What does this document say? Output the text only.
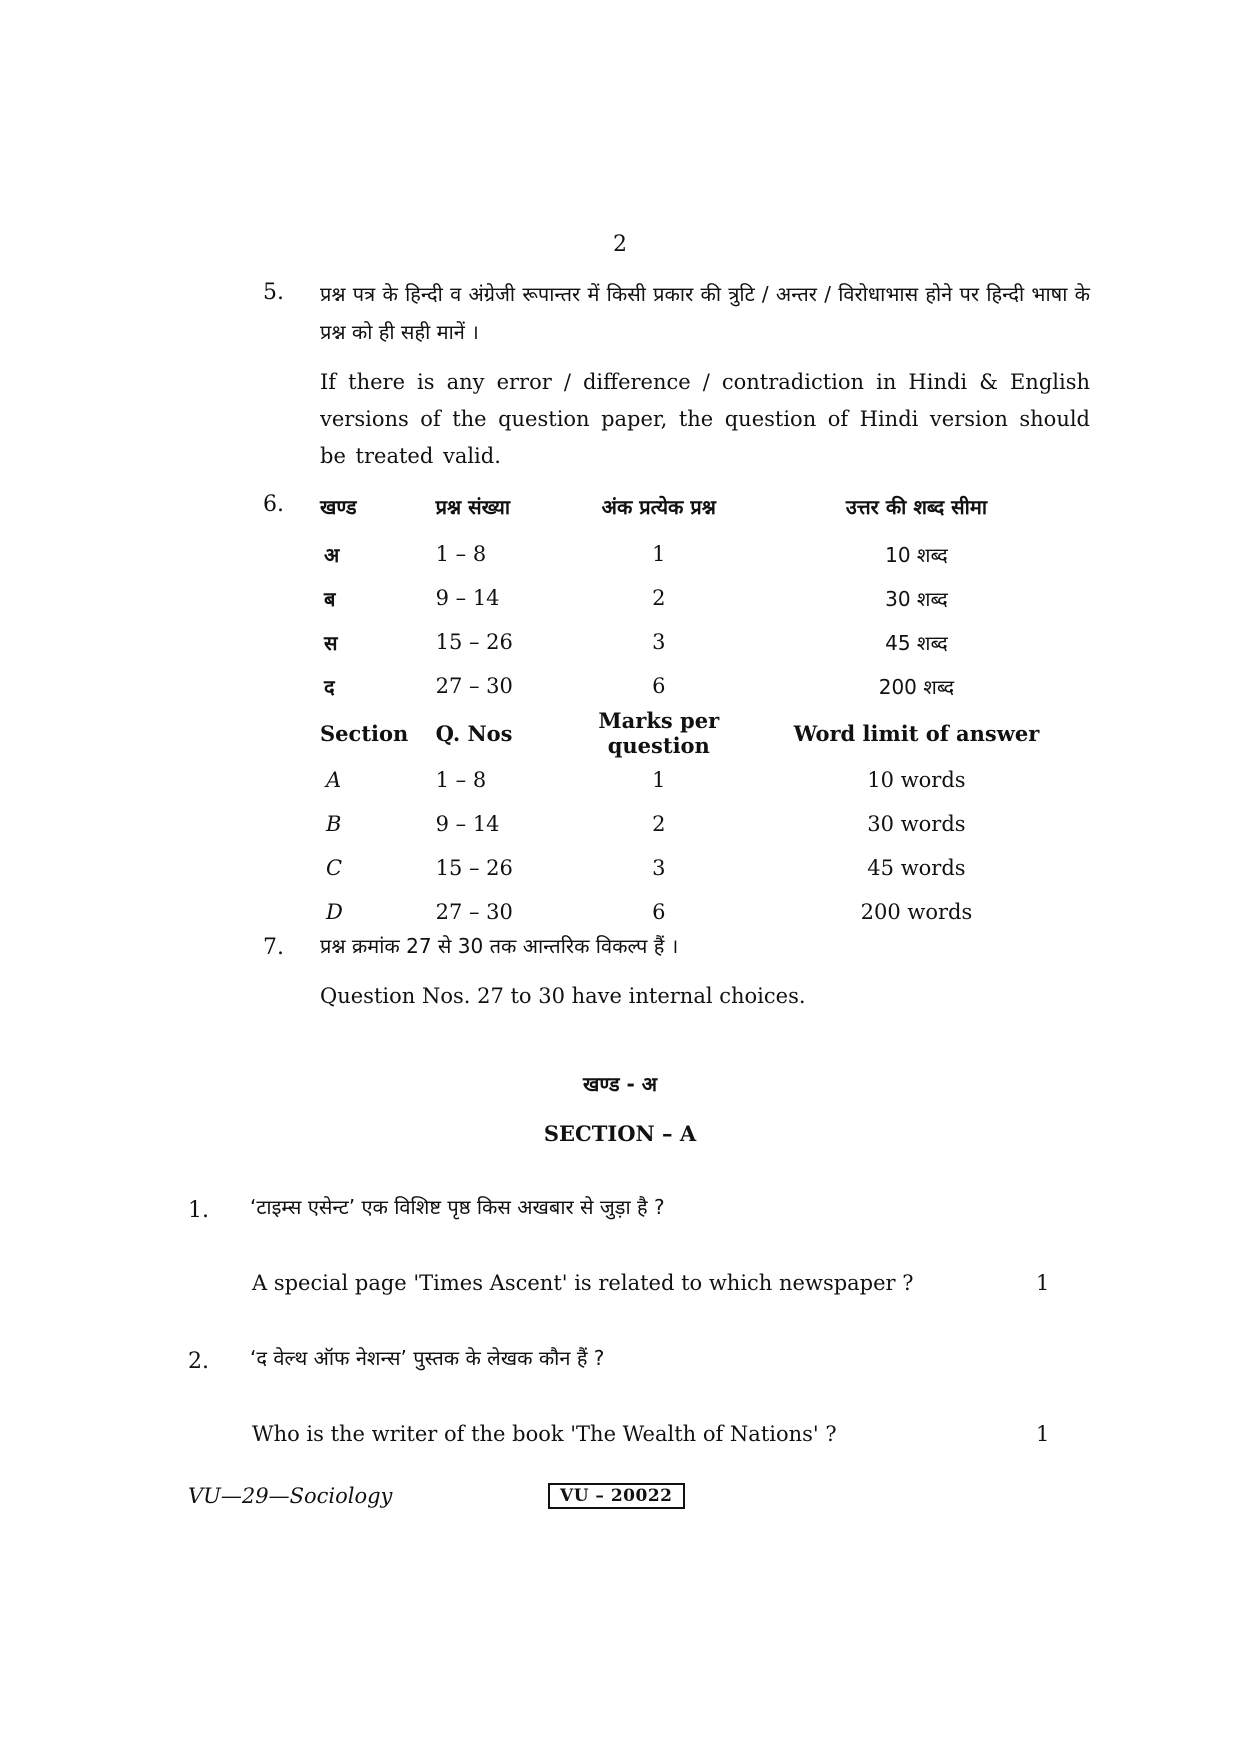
2
5. प्रश्न पत्र के हिन्दी व अंग्रेजी रूपान्तर में किसी प्रकार की त्रुटि / अन्तर / विरोधाभास होने पर हिन्दी भाषा के प्रश्न को ही सही मानें ।
If there is any error / difference / contradiction in Hindi & English versions of the question paper, the question of Hindi version should be treated valid.
6. खण्ड	प्रश्न संख्या	अंक प्रत्येक प्रश्न	उत्तर की शब्द सीमा
अ	1 – 8	1	10 शब्द
ब	9 – 14	2	30 शब्द
स	15 – 26	3	45 शब्द
द	27 – 30	6	200 शब्द
Section	Q. Nos	Marks per question	Word limit of answer
A	1 – 8	1	10 words
B	9 – 14	2	30 words
C	15 – 26	3	45 words
D	27 – 30	6	200 words
7. प्रश्न क्रमांक 27 से 30 तक आन्तरिक विकल्प हैं ।
Question Nos. 27 to 30 have internal choices.
खण्ड - अ
SECTION – A
1. ‘टाइम्स एसेन्ट’ एक विशिष्ट पृष्ठ किस अखबार से जुड़ा है ?
A special page 'Times Ascent' is related to which newspaper ?	1
2. ‘द वेल्थ ऑफ नेशन्स’ पुस्तक के लेखक कौन हैं ?
Who is the writer of the book 'The Wealth of Nations' ?	1
VU—29—Sociology	VU – 20022
